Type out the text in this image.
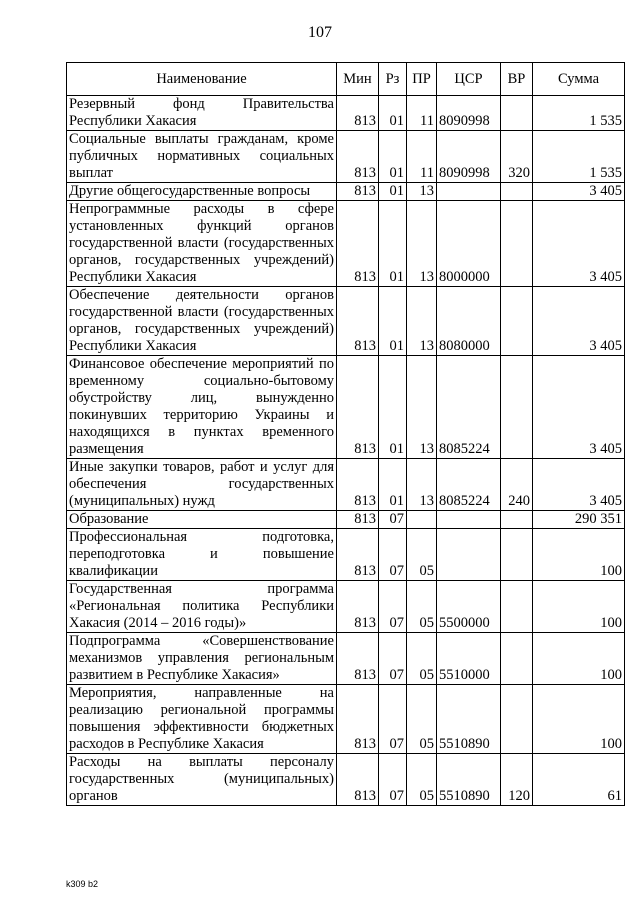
107
Наименование	Мин	Рз	ПР	ЦСР	ВР	Сумма
Резервный фонд Правительства Республики Хакасия	813	01	11	8090998		1 535
Социальные выплаты гражданам, кроме публичных нормативных социальных выплат	813	01	11	8090998	320	1 535
Другие общегосударственные вопросы	813	01	13			3 405
Непрограммные расходы в сфере установленных функций органов государственной власти (государственных органов, государственных учреждений) Республики Хакасия	813	01	13	8000000		3 405
Обеспечение деятельности органов государственной власти (государственных органов, государственных учреждений) Республики Хакасия	813	01	13	8080000		3 405
Финансовое обеспечение мероприятий по временному социально-бытовому обустройству лиц, вынужденно покинувших территорию Украины и находящихся в пунктах временного размещения	813	01	13	8085224		3 405
Иные закупки товаров, работ и услуг для обеспечения государственных (муниципальных) нужд	813	01	13	8085224	240	3 405
Образование	813	07				290 351
Профессиональная подготовка, переподготовка и повышение квалификации	813	07	05			100
Государственная программа «Региональная политика Республики Хакасия (2014 – 2016 годы)»	813	07	05	5500000		100
Подпрограмма «Совершенствование механизмов управления региональным развитием в Республике Хакасия»	813	07	05	5510000		100
Мероприятия, направленные на реализацию региональной программы повышения эффективности бюджетных расходов в Республике Хакасия	813	07	05	5510890		100
Расходы на выплаты персоналу государственных (муниципальных) органов	813	07	05	5510890	120	61
k309 b2
